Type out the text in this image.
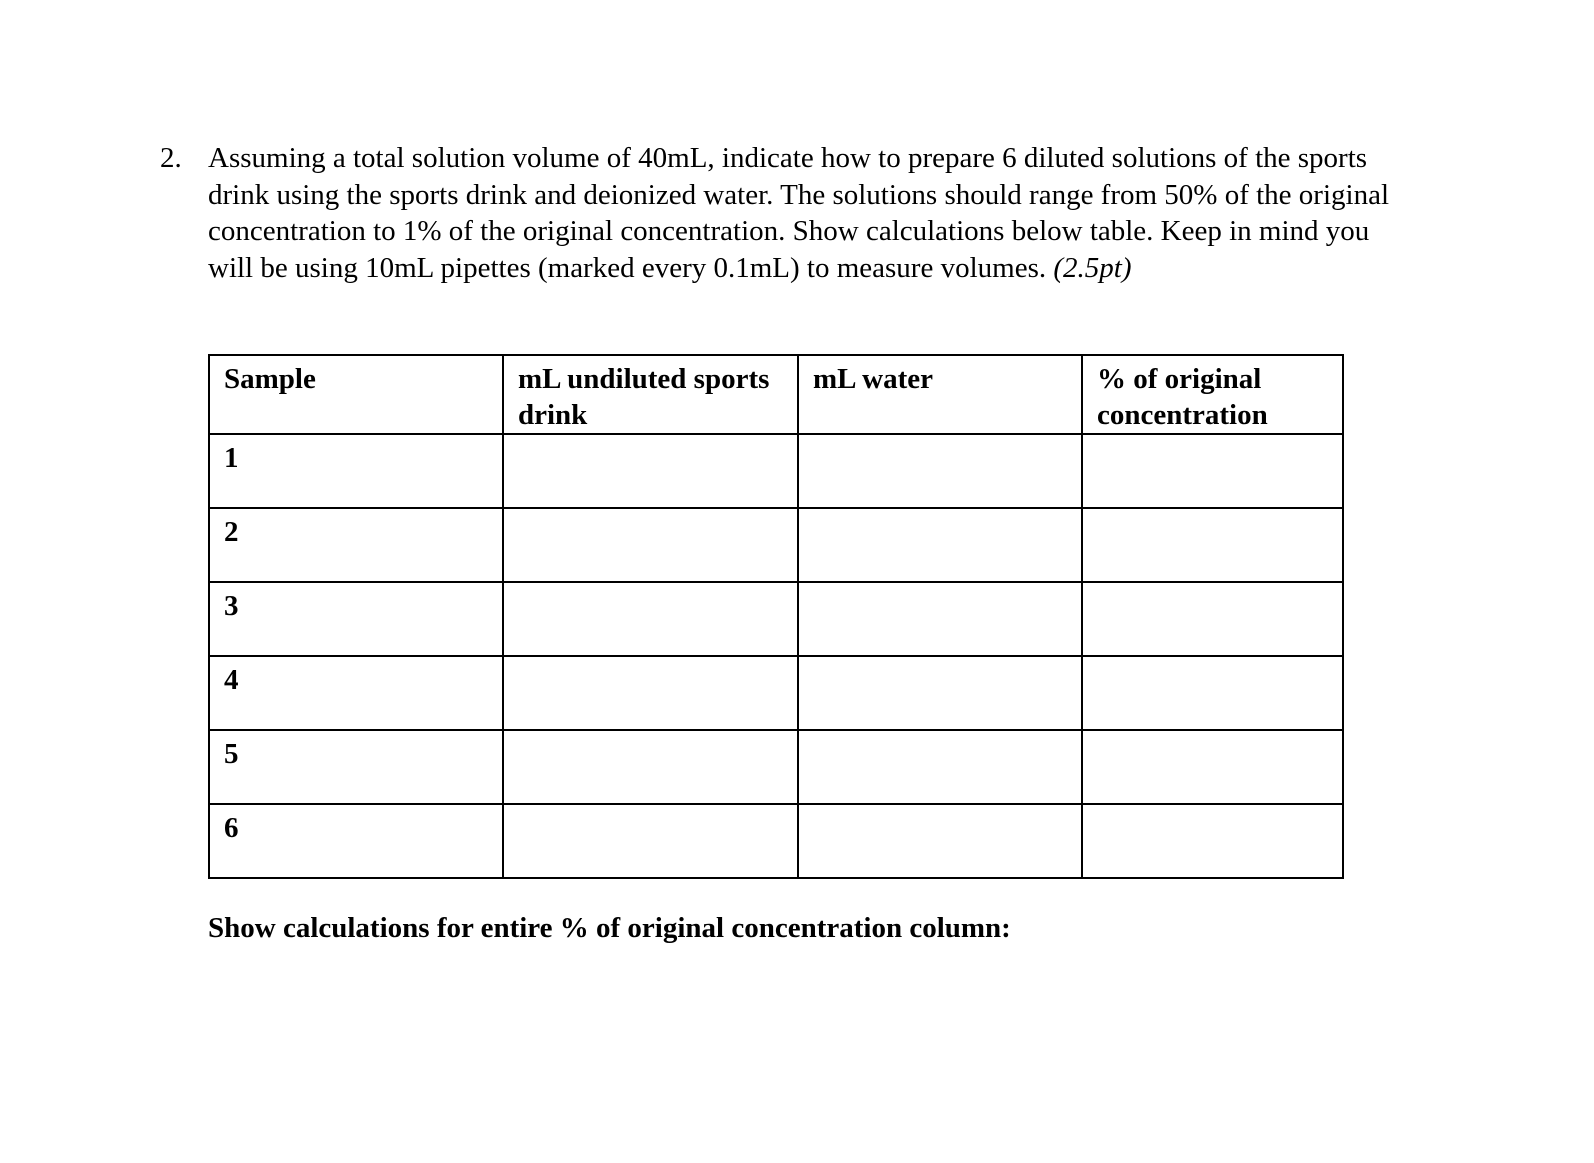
2. Assuming a total solution volume of 40mL, indicate how to prepare 6 diluted solutions of the sports drink using the sports drink and deionized water. The solutions should range from 50% of the original concentration to 1% of the original concentration. Show calculations below table. Keep in mind you will be using 10mL pipettes (marked every 0.1mL) to measure volumes. (2.5pt)
Sample	mL undiluted sports drink	mL water	% of original concentration
1			
2			
3			
4			
5			
6			
Show calculations for entire % of original concentration column:
